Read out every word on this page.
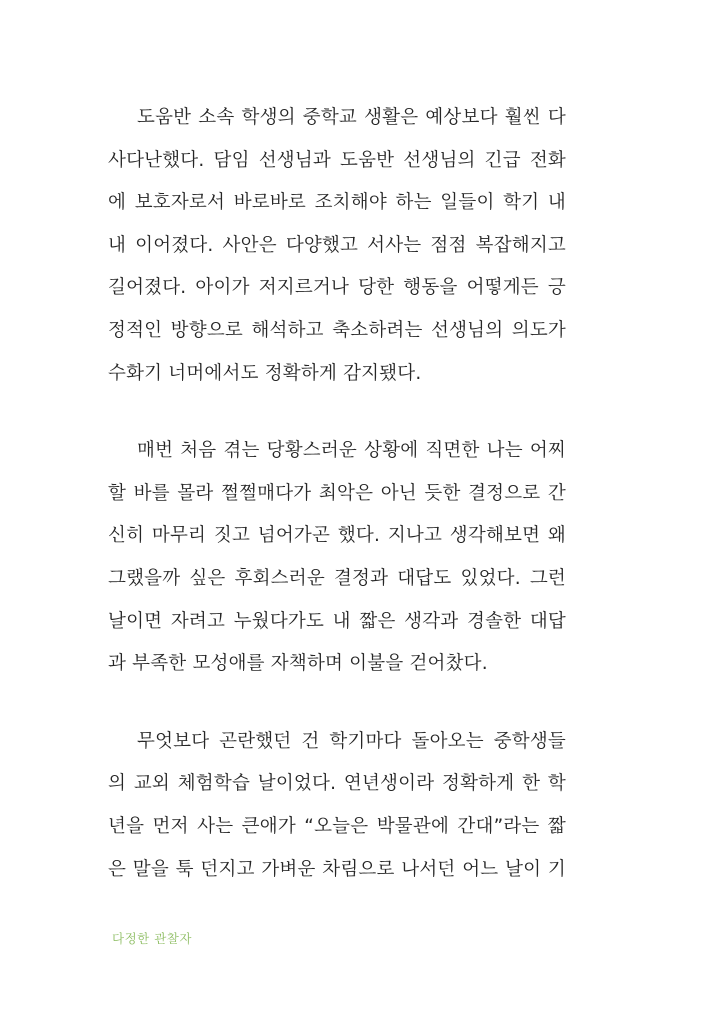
도움반 소속 학생의 중학교 생활은 예상보다 훨씬 다
사다난했다. 담임 선생님과 도움반 선생님의 긴급 전화
에 보호자로서 바로바로 조치해야 하는 일들이 학기 내
내 이어졌다. 사안은 다양했고 서사는 점점 복잡해지고
길어졌다. 아이가 저지르거나 당한 행동을 어떻게든 긍
정적인 방향으로 해석하고 축소하려는 선생님의 의도가
수화기 너머에서도 정확하게 감지됐다.

매번 처음 겪는 당황스러운 상황에 직면한 나는 어찌
할 바를 몰라 쩔쩔매다가 최악은 아닌 듯한 결정으로 간
신히 마무리 짓고 넘어가곤 했다. 지나고 생각해보면 왜
그랬을까 싶은 후회스러운 결정과 대답도 있었다. 그런
날이면 자려고 누웠다가도 내 짧은 생각과 경솔한 대답
과 부족한 모성애를 자책하며 이불을 걷어찼다.

무엇보다 곤란했던 건 학기마다 돌아오는 중학생들
의 교외 체험학습 날이었다. 연년생이라 정확하게 한 학
년을 먼저 사는 큰애가 “오늘은 박물관에 간대”라는 짧
은 말을 툭 던지고 가벼운 차림으로 나서던 어느 날이 기

다정한 관찰자
